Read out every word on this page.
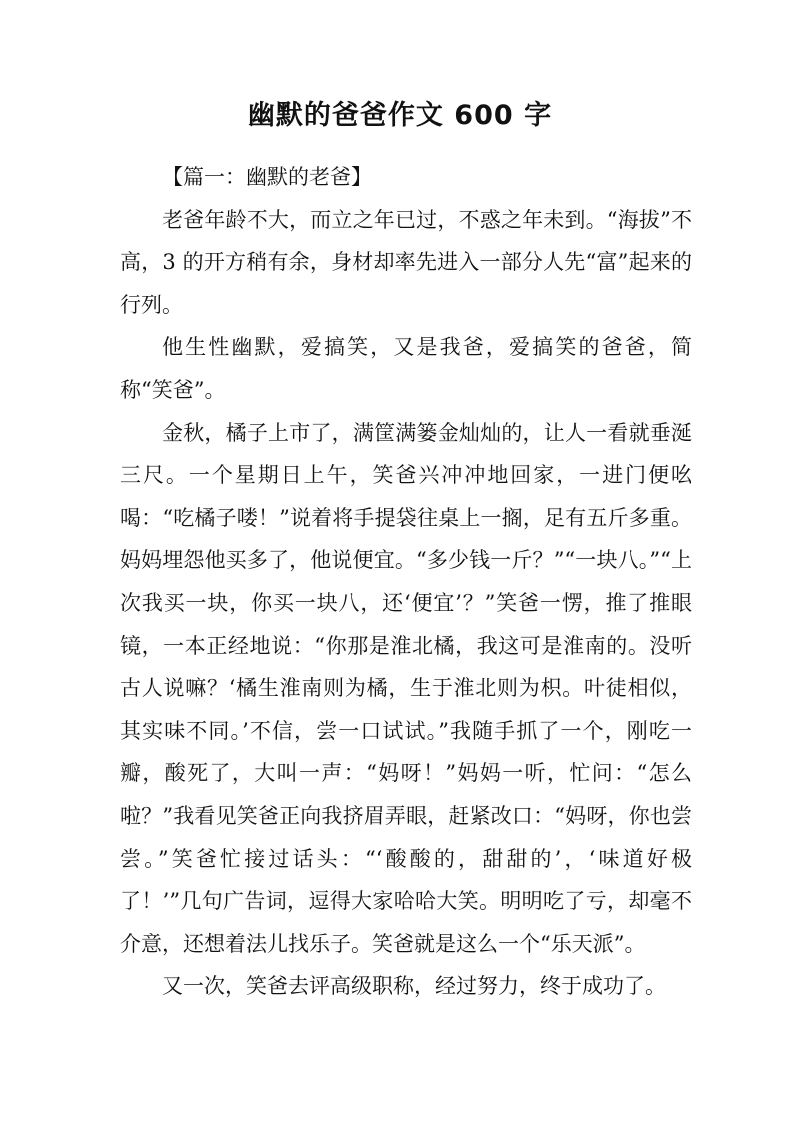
幽默的爸爸作文 600 字

【篇一：幽默的老爸】

老爸年龄不大，而立之年已过，不惑之年未到。“海拔”不高，3 的开方稍有余，身材却率先进入一部分人先“富”起来的行列。

他生性幽默，爱搞笑，又是我爸，爱搞笑的爸爸，简称“笑爸”。

金秋，橘子上市了，满筐满篓金灿灿的，让人一看就垂涎三尺。一个星期日上午，笑爸兴冲冲地回家，一进门便吆喝：“吃橘子喽！”说着将手提袋往桌上一搁，足有五斤多重。妈妈埋怨他买多了，他说便宜。“多少钱一斤？”“一块八。”“上次我买一块，你买一块八，还‘便宜’？”笑爸一愣，推了推眼镜，一本正经地说：“你那是淮北橘，我这可是淮南的。没听古人说嘛？‘橘生淮南则为橘，生于淮北则为枳。叶徒相似，其实味不同。’不信，尝一口试试。”我随手抓了一个，刚吃一瓣，酸死了，大叫一声：“妈呀！”妈妈一听，忙问：“怎么啦？”我看见笑爸正向我挤眉弄眼，赶紧改口：“妈呀，你也尝尝。”笑爸忙接过话头：“‘酸酸的，甜甜的’，‘味道好极了！’”几句广告词，逗得大家哈哈大笑。明明吃了亏，却毫不介意，还想着法儿找乐子。笑爸就是这么一个“乐天派”。

又一次，笑爸去评高级职称，经过努力，终于成功了。
